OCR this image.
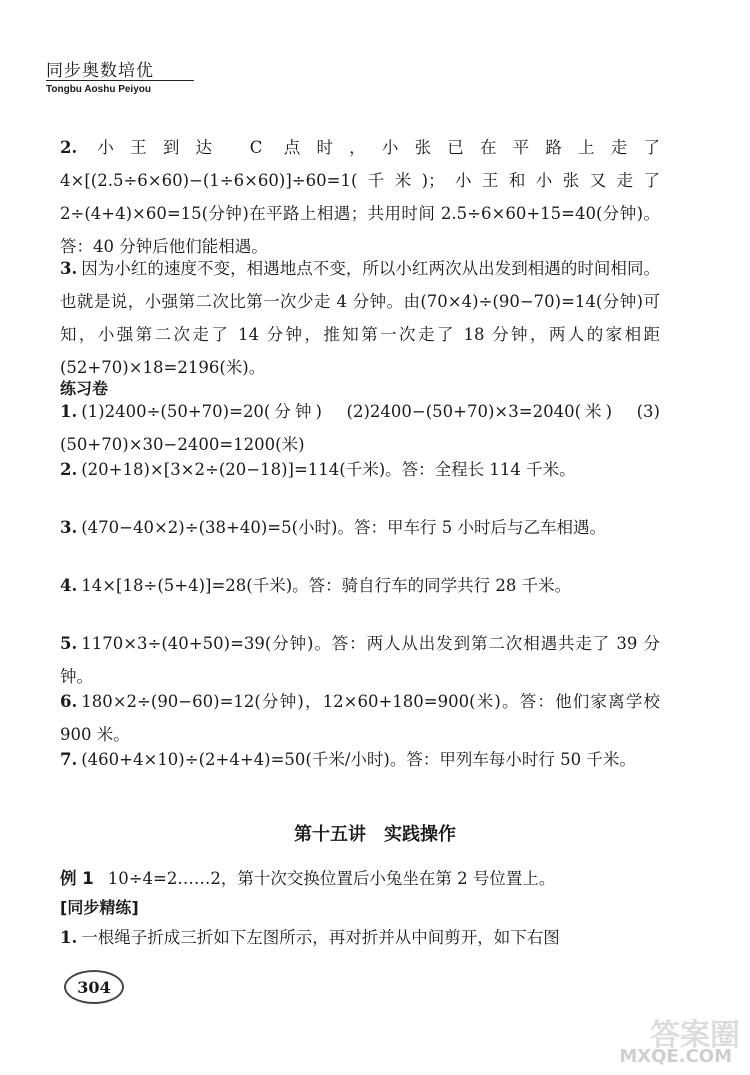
同步奥数培优
Tongbu Aoshu Peiyou
2. 小王到达 C 点时，小张已在平路上走了 4×[(2.5÷6×60)−(1÷6×60)]÷60=1(千米)；小王和小张又走了 2÷(4+4)×60=15(分钟)在平路上相遇；共用时间 2.5÷6×60+15=40(分钟)。答：40 分钟后他们能相遇。
3. 因为小红的速度不变，相遇地点不变，所以小红两次从出发到相遇的时间相同。也就是说，小强第二次比第一次少走 4 分钟。由(70×4)÷(90−70)=14(分钟)可知，小强第二次走了 14 分钟，推知第一次走了 18 分钟，两人的家相距(52+70)×18=2196(米)。
练习卷
1. (1)2400÷(50+70)=20(分钟)　(2)2400−(50+70)×3=2040(米)　(3)(50+70)×30−2400=1200(米)
2. (20+18)×[3×2÷(20−18)]=114(千米)。答：全程长 114 千米。
3. (470−40×2)÷(38+40)=5(小时)。答：甲车行 5 小时后与乙车相遇。
4. 14×[18÷(5+4)]=28(千米)。答：骑自行车的同学共行 28 千米。
5. 1170×3÷(40+50)=39(分钟)。答：两人从出发到第二次相遇共走了 39 分钟。
6. 180×2÷(90−60)=12(分钟)，12×60+180=900(米)。答：他们家离学校 900 米。
7. (460+4×10)÷(2+4+4)=50(千米/小时)。答：甲列车每小时行 50 千米。
第十五讲　实践操作
例 1 10÷4=2……2，第十次交换位置后小兔坐在第 2 号位置上。
[同步精练]
1. 一根绳子折成三折如下左图所示，再对折并从中间剪开，如下右图
304
答案圈
MXQE.COM
